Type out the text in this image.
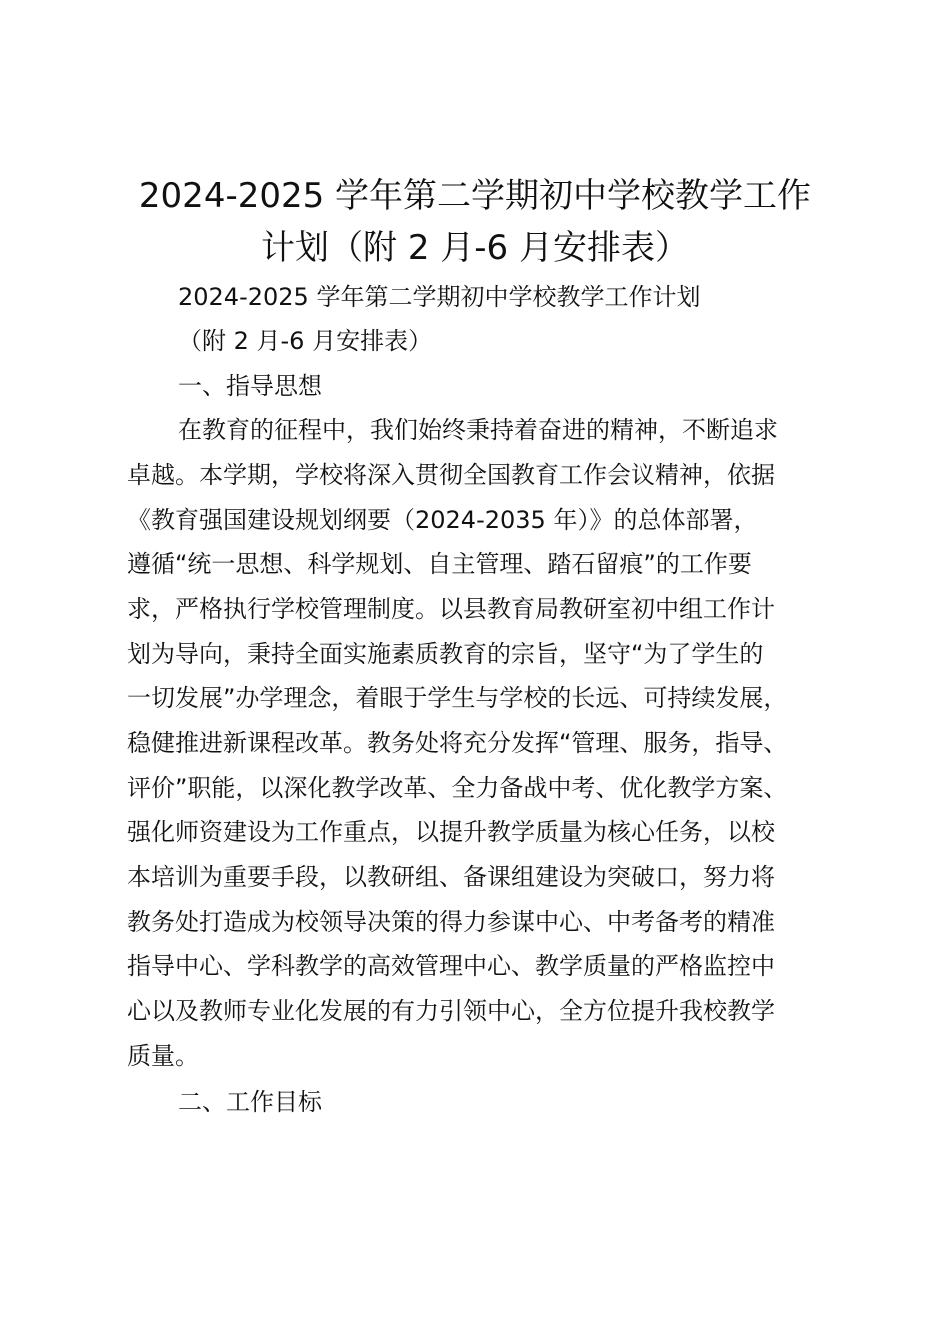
2024-2025 学年第二学期初中学校教学工作
计划（附 2 月-6 月安排表）

2024-2025 学年第二学期初中学校教学工作计划

（附 2 月-6 月安排表）

一、指导思想

在教育的征程中，我们始终秉持着奋进的精神，不断追求

卓越。本学期，学校将深入贯彻全国教育工作会议精神，依据

《教育强国建设规划纲要（2024-2035 年）》的总体部署，

遵循“统一思想、科学规划、自主管理、踏石留痕”的工作要

求，严格执行学校管理制度。以县教育局教研室初中组工作计

划为导向，秉持全面实施素质教育的宗旨，坚守“为了学生的

一切发展”办学理念，着眼于学生与学校的长远、可持续发展，

稳健推进新课程改革。教务处将充分发挥“管理、服务，指导、

评价”职能，以深化教学改革、全力备战中考、优化教学方案、

强化师资建设为工作重点，以提升教学质量为核心任务，以校

本培训为重要手段，以教研组、备课组建设为突破口，努力将

教务处打造成为校领导决策的得力参谋中心、中考备考的精准

指导中心、学科教学的高效管理中心、教学质量的严格监控中

心以及教师专业化发展的有力引领中心，全方位提升我校教学

质量。

二、工作目标
